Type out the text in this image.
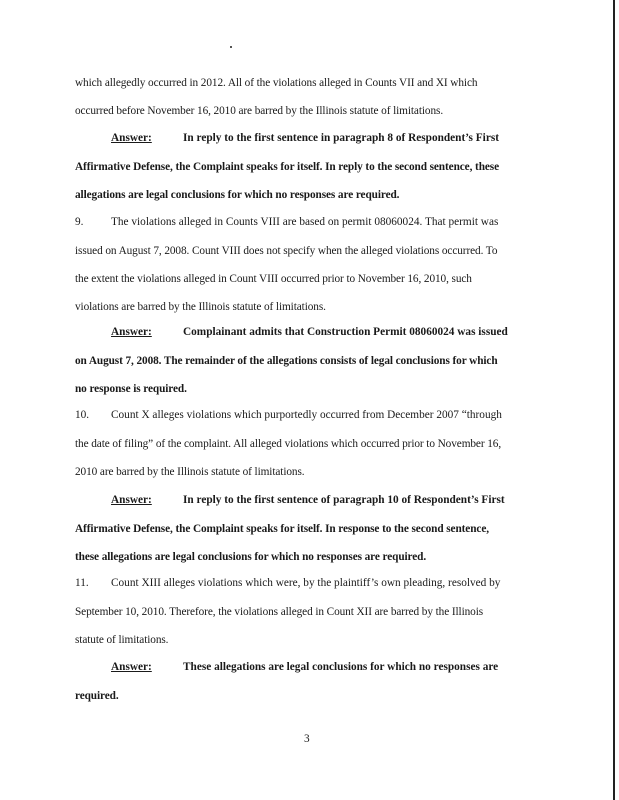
which allegedly occurred in 2012. All of the violations alleged in Counts VII and XI which
occurred before November 16, 2010 are barred by the Illinois statute of limitations.
Answer:	In reply to the first sentence in paragraph 8 of Respondent’s First
Affirmative Defense, the Complaint speaks for itself. In reply to the second sentence, these
allegations are legal conclusions for which no responses are required.
9. The violations alleged in Counts VIII are based on permit 08060024. That permit was
issued on August 7, 2008. Count VIII does not specify when the alleged violations occurred. To
the extent the violations alleged in Count VIII occurred prior to November 16, 2010, such
violations are barred by the Illinois statute of limitations.
Answer:	Complainant admits that Construction Permit 08060024 was issued
on August 7, 2008. The remainder of the allegations consists of legal conclusions for which
no response is required.
10. Count X alleges violations which purportedly occurred from December 2007 “through
the date of filing” of the complaint. All alleged violations which occurred prior to November 16,
2010 are barred by the Illinois statute of limitations.
Answer:	In reply to the first sentence of paragraph 10 of Respondent’s First
Affirmative Defense, the Complaint speaks for itself. In response to the second sentence,
these allegations are legal conclusions for which no responses are required.
11. Count XIII alleges violations which were, by the plaintiff’s own pleading, resolved by
September 10, 2010. Therefore, the violations alleged in Count XII are barred by the Illinois
statute of limitations.
Answer:	These allegations are legal conclusions for which no responses are
required.
3
